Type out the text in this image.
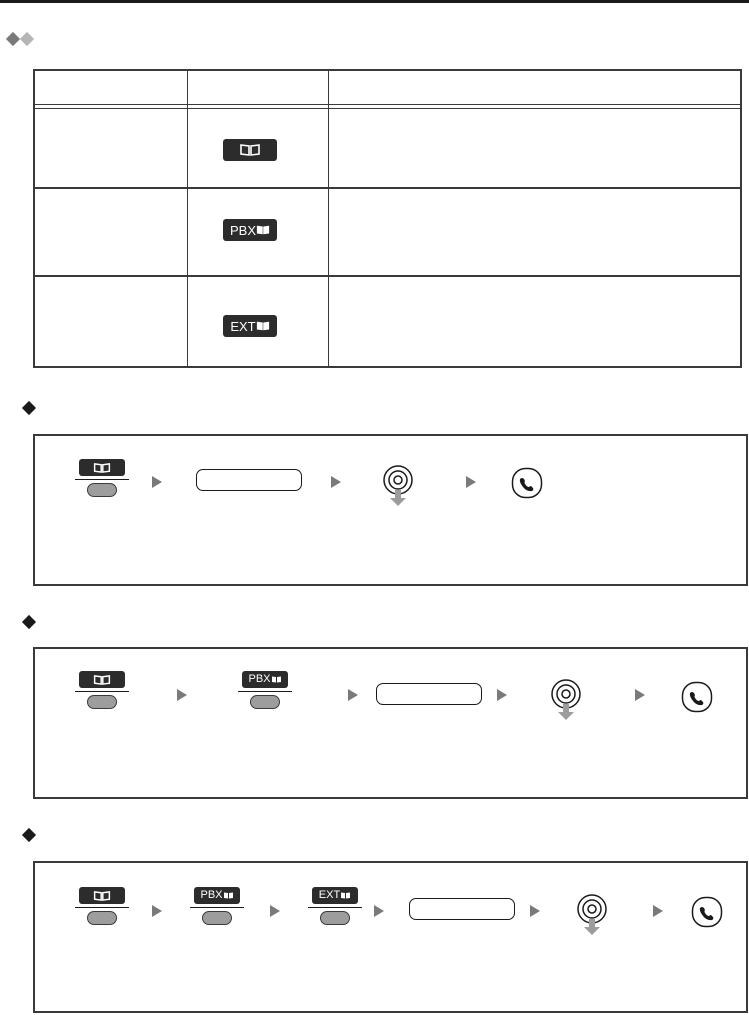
PBX
EXT
PBX
PBX	EXT
